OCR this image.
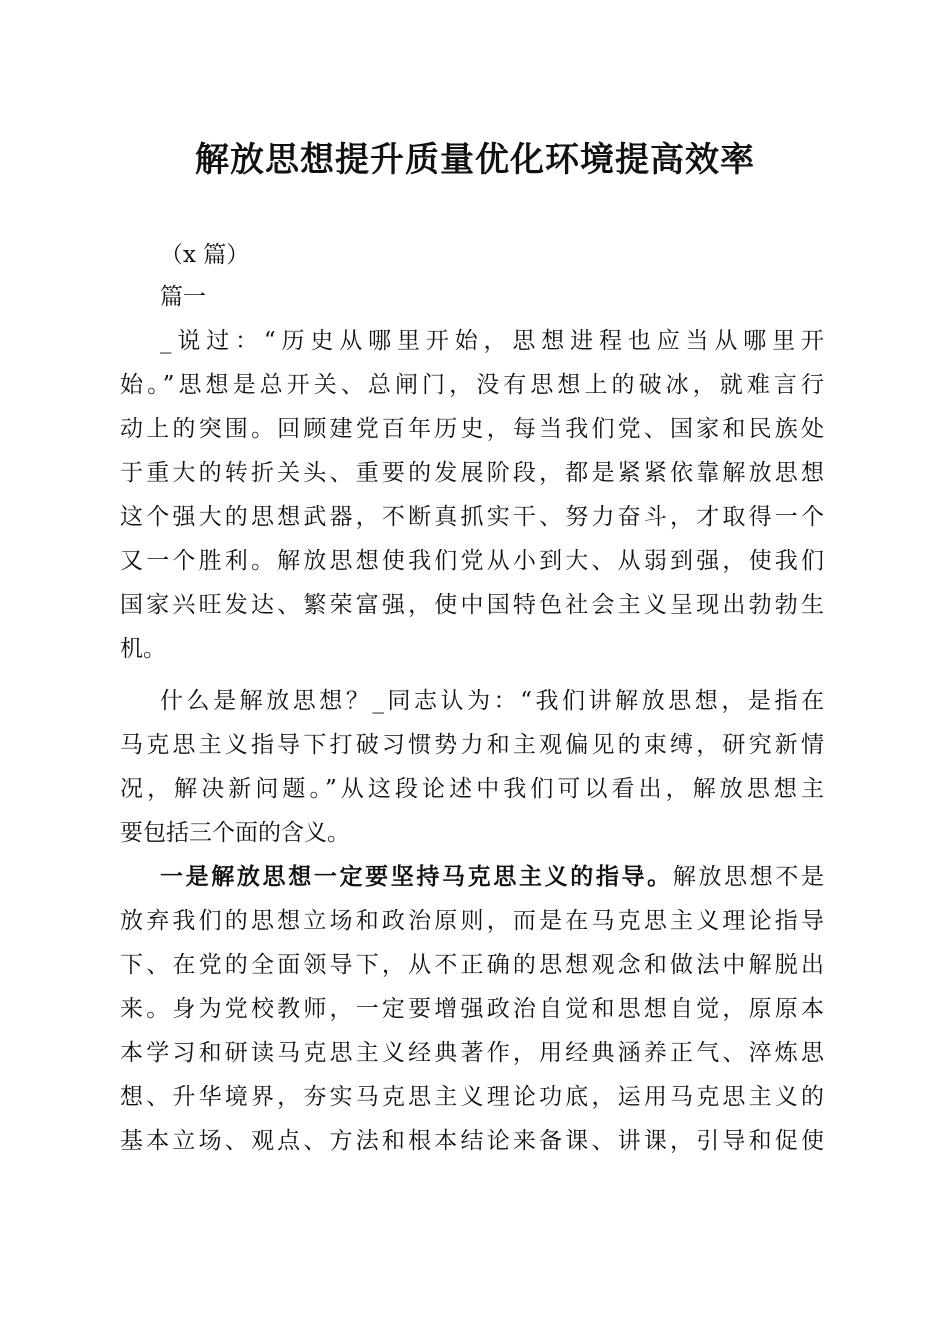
解放思想提升质量优化环境提高效率
（x 篇）
篇一
_说过：“历史从哪里开始，思想进程也应当从哪里开
始。”思想是总开关、总闸门，没有思想上的破冰，就难言行
动上的突围。回顾建党百年历史，每当我们党、国家和民族处
于重大的转折关头、重要的发展阶段，都是紧紧依靠解放思想
这个强大的思想武器，不断真抓实干、努力奋斗，才取得一个
又一个胜利。解放思想使我们党从小到大、从弱到强，使我们
国家兴旺发达、繁荣富强，使中国特色社会主义呈现出勃勃生
机。
什么是解放思想？_同志认为：“我们讲解放思想，是指在
马克思主义指导下打破习惯势力和主观偏见的束缚，研究新情
况，解决新问题。”从这段论述中我们可以看出，解放思想主
要包括三个面的含义。
一是解放思想一定要坚持马克思主义的指导。解放思想不是
放弃我们的思想立场和政治原则，而是在马克思主义理论指导
下、在党的全面领导下，从不正确的思想观念和做法中解脱出
来。身为党校教师，一定要增强政治自觉和思想自觉，原原本
本学习和研读马克思主义经典著作，用经典涵养正气、淬炼思
想、升华境界，夯实马克思主义理论功底，运用马克思主义的
基本立场、观点、方法和根本结论来备课、讲课，引导和促使
